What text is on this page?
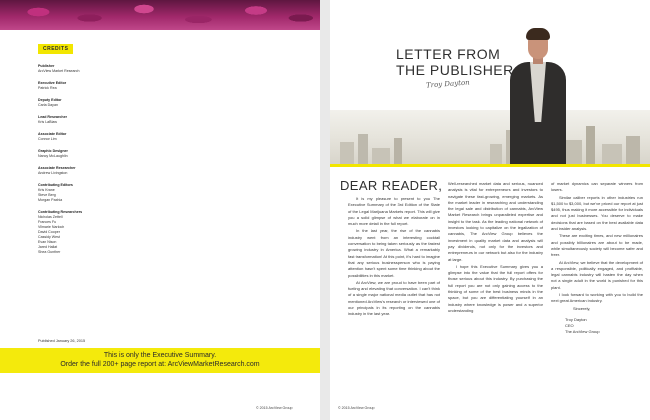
CREDITS
Publisher
ArcView Market Research
Executive Editor
Patrick Rea
Deputy Editor
Carla Dayan
Lead Researcher
Kris LaBlaw
Associate Editor
Connor Lim
Graphic Designer
Nancy McLaughlin
Associate Researcher
Andrew Livingston
Contributing Editors
Kris Krane
Steve Berg
Morgan Paxhia
Contributing Researchers
Nicholas Zettell
Frances Fu
Vilmarie Narloch
David Cooper
Cassidy West
Evan Nison
Jared Hallat
Shea Gunther
Published January 26, 2015
This is only the Executive Summary.
Order the full 200+ page report at: ArcViewMarketResearch.com
© 2015 ArcView Group
LETTER FROM
THE PUBLISHER
Troy Dayton
DEAR READER,

It is my pleasure to present to you The Executive Summary of the 3rd Edition of the State of the Legal Marijuana Markets report. This will give you a solid glimpse of what we elaborate on in much more detail in the full report.

In the last year, the rise of the cannabis industry went from an interesting cocktail conversation to being taken seriously as the fastest growing industry in America. What a remarkably fast transformation! At this point, it's hard to imagine that any serious businessperson who is paying attention hasn't spent some time thinking about the possibilities in this market.

At ArcView, we are proud to have been part of fueling and elevating that conversation. I can't think of a single major national media outlet that has not mentioned ArcView's research or interviewed one of our principals in its reporting on the cannabis industry in the last year.

Well-researched market data and serious, nuanced analysis is vital for entrepreneurs and investors to navigate these fast-growing, emerging markets. As the market leader in researching and understanding the legal sale and distribution of cannabis, ArcView Market Research brings unparalleled expertise and insight to the task. As the leading national network of investors looking to capitalize on the legalization of cannabis, The ArcView Group believes the investment in quality market data and analysis will pay dividends, not only for the investors and entrepreneurs in our network but also for the industry at large.

I hope this Executive Summary gives you a glimpse into the value that the full report offers for those serious about this industry. By purchasing the full report you are not only gaining access to the thinking of some of the best business minds in the space, but you are differentiating yourself in an industry where knowledge is power and a superior understanding

of market dynamics can separate winners from losers.

Similar caliber reports in other industries run $1,500 to $3,000, but we've priced our report at just $495, thus making it more accessible for individuals and not just businesses. You deserve to make decisions that are based on the best available data and insider analysis.

These are exciting times, and new millionaires and possibly billionaires are about to be made, while simultaneously society will become safer and freer.

At ArcView, we believe that the development of a responsible, politically engaged, and profitable, legal cannabis industry will hasten the day when not a single adult in the world is punished for this plant.

I look forward to working with you to build the next great American industry.

Sincerely,
Troy Dayton
CEO
The ArcView Group
© 2015 ArcView Group
